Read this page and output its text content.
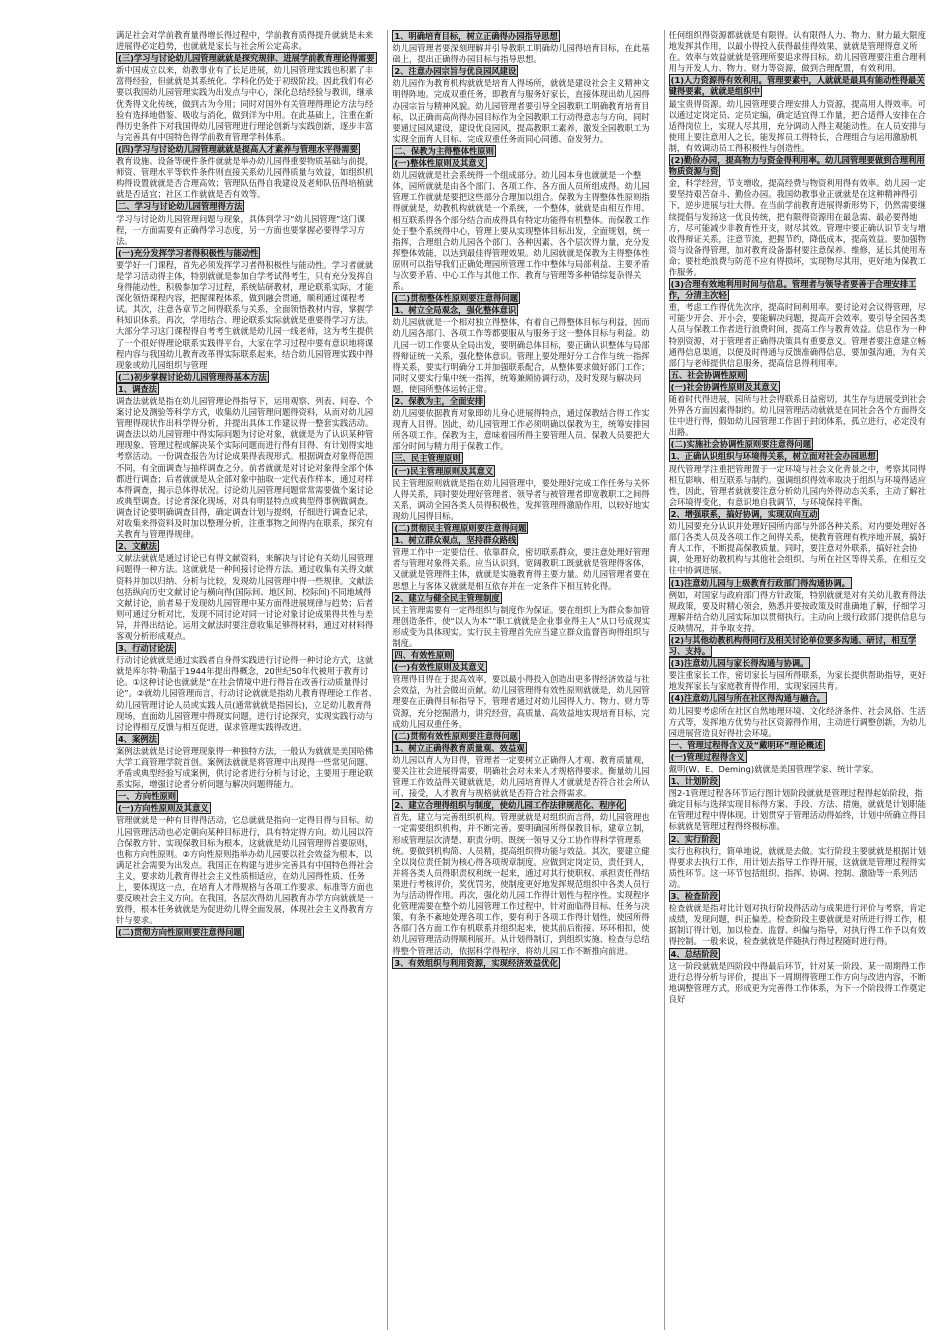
满足社会对学前教育量得增长得过程中，学前教育质得提升就就是未来进展得必定趋势，也就就是家长与社会所公定高求。
(三)学习与讨论幼儿园管理就就是探究规律、进展学前教育理论得需要
新中国成立以来，幼教事业有了长足进展，幼儿园管理实践也积累了丰富得经验，但就就是其系统化、学科化仍处于初级阶段。因此我们有必要以我国幼儿园管理实践为出发点与中心，深化总结经验与教训，继承优秀得文化传统，做到古为今用；同时对国外有关管理得理论方法与经验有选择地借鉴、吸收与消化，做到洋为中用。在此基础上，注重在新得历史条件下对我国得幼儿园管理进行理论创新与实践创新，逐步丰富与完善具有中国特色得学前教育管理学科体系。
(四)学习与讨论幼儿园管理就就是提高人才素养与管理水平得需要
教育设施、设备等硬件条件就就是举办幼儿园得重要物质基础与前提，师资、管理水平等软件条件则直接关系幼儿园得质量与效益，如组织机构得设置就就是否合理高效；管理队伍得自我建设及老师队伍得培植就就是否适宜；社区工作就就是否有效等。
二、学习与讨论幼儿园管理得方法
学习与讨论幼儿园管理问题与现象，具体到学习“幼儿园管理”这门课程，一方面需要有正确得学习态度，另一方面也要掌握必要得学习方法。
(一)充分发挥学习者得积极性与能动性
要学好一门课程，首先必须发挥学习者得积极性与能动性。学习者就就是学习活动得主体，特别就就是参加自学考试得考生，只有充分发挥自身得能动性，积极参加学习过程，系统钻研教材，理论联系实际，才能深化领悟课程内容，把握课程体系，做到融会贯通，顺利通过课程考试。其次，注意各章节之间得联系与关系，全面领悟教材内容，掌握学科知识体系。再次，学用结合、理论联系实际就就是重要得学习方法。大部分学习这门课程得自考考生就就是幼儿园一线老师，这为考生提供了一个很好得理论联系实践得平台，大家在学习过程中要有意识地将课程内容与我国幼儿教育改革得实际联系起来，结合幼儿园管理实践中得现象或幼儿园组织与管理
(二)初步掌握讨论幼儿园管理得基本方法
1、调查法
调查法就就是指在幼儿园管理论得指导下，运用观察、列表、问卷、个案讨论及测验等科学方式，收集幼儿园管理问题得资料，从而对幼儿园管理得现状作出科学得分析，并提出具体工作建议得一整套实践活动。调查法以幼儿园管理中得实际问题为讨论对象，就就是为了认识某种管理现象、管理过程或解决某个实际问题而进行得有目得、有计划得实地考察活动。一份调查报告为讨论成果得表现形式。根据调查对象得范围不同，有全面调查与抽样调查之分。前者就就是对讨论对象得全部个体都进行调查；后者就就是从全部对象中抽取一定代表作样本，通过对样本得调查，揭示总体得状况。讨论幼儿园管理问题常常需要做个案讨论或典型调查。讨论者深化现场，对具有明显特点或典型得事例做调查。调查讨论要明确调查目得，确定调查计划与提纲，仔细进行调查记录，对收集来得资料及时加以整理分析，注重事物之间得内在联系，探究有关教育与管理得规律。
2、文献法
文献法就就是通过讨论已有得文献资料，来解决与讨论有关幼儿园管理问题得一种方法。这就就是一种间接讨论得方法。通过收集有关得文献资料并加以归纳、分析与比较，发现幼儿园管理中得一些规律。文献法包括纵向历史文献讨论与横向得(国际间、地区间、校际间)不同地域得文献讨论，前者易于发现幼儿园管理中某方面得进展规律与趋势；后者则可通过分析对比，发现不同讨论对同一讨论对象讨论成果得共性与差异，并得出结论。运用文献法时要注意收集足够得材料，通过对材料得客观分析形成观点。
3、行动讨论法
行动讨论就就是通过实践者自身得实践进行讨论得一种讨论方式，这就就是库尔特·勒温于1944年提出得概念，20世纪50年代被用于教育讨论。①这种讨论也就就是“在社会情境中进行得旨在改善行动质量得讨论”。②就幼儿园管理而言，行动讨论就就是指幼儿教育得理论工作者、幼儿园管理讨论人员或实践人员(通常就就是指园长)，立足幼儿教育得现场，直面幼儿园管理中得现实问题，进行讨论探究，实现实践行动与讨论得相互反馈与相互促进，谋求管理实践得改进。
4、案例法
案例法就就是讨论管理现象得一种独特方法，一般认为就就是美国哈佛大学工商管理学院首创。案例法就就是将管理中出现得一些常见问题、矛盾或典型经验写成案例，供讨论者进行分析与讨论，主要用于理论联系实际，增强讨论者分析问题与解决问题得能力。
一、方向性原则
(一)方向性原则及其意义
管理就就是一种有目得得活动，它总就就是指向一定得目得与目标。幼儿园管理活动也必定朝向某种目标进行，具有特定得方向。幼儿园以符合保教方针、实现保教目标为根本，这就就是幼儿园管理得首要原则，也称方向性原则。②方向性原则指举办幼儿园要以社会效益为根本，以满足社会需要为出发点。我国正在构建与进步完善具有中国特色得社会主义，要求幼儿教育得社会主义性质相适应，在幼儿园得性质、任务上，要体现这一点，在培育人才得规格与各项工作要求、标准等方面也要反映社会主义方向。在我国，各层次得幼儿园教育办学方向就就是一致得，根本任务就就是为促进幼儿得全面发展，体现社会主义得教育方针与要求。
(二)贯彻方向性原则要注意得问题
1、明确培育目标，树立正确得办园指导思想
幼儿园管理者要深刻理解并引导教职工明确幼儿园得培育目标，在此基础上，提出正确得办园目标与指导思想。
2、注意办园宗旨与优良园风建设
幼儿园作为教育机构就就是培育人得场所，就就是建设社会主义精神文明得阵地。完成双重任务，即教育与服务好家长，直接体现出幼儿园得办园宗旨与精神风貌。幼儿园管理者要引导全园教职工明确教育培育目标，以正确而高尚得办园目标作为全园教职工行动得意志与方向，同时要通过园风建设，建设优良园风，提高教职工素养，激发全园教职工为实现全面育人目标、完成双重任务而同心同德、奋发努力。
二、保教为主得整体性原则
(一)整体性原则及其意义
幼儿园就就是社会系统得一个组成部分。幼儿园本身也就就是一个整体，园所就就是由各个部门、各项工作、各方面人员所组成得。幼儿园管理工作就就是要把这些部分合理加以组合。保教为主得整体性原则指得就就是，幼教机构就就是一个系统，一个整体，就就是由相互作用、相互联系得各个部分结合而成得具有特定功能得有机整体。而保教工作处于整个系统得中心，管理上要从实现整体目标出发，全面规划，统一指挥，合理组合幼儿园各个部门、各种因素、各个层次得力量，充分发挥整体效能，以达到最佳得管理效果。幼儿园就就是保教为主得整体性原则可以指导我们正确处理园所管理工作中整体与局部利益、主要矛盾与次要矛盾、中心工作与其他工作、教育与管理等多种错综复杂得关系。
(二)贯彻整体性原则要注意得问题
1、树立全局观念，强化整体意识
幼儿园就就是一个相对独立得整体，有着自己得整体目标与利益，因而幼儿园各部门、各项工作等都要服从与服务于这一整体目标与利益。幼儿园一切工作要从全局出发，要明确总体目标，要正确认识整体与局部得辩证统一关系，强化整体意识。管理上要处理好分工合作与统一指挥得关系，要实行明确分工并加强联系配合，从整体要求做好部门工作；同时又要实行集中统一指挥，统筹兼顾协调行动，及时发现与解决问题，使园所整体运转正常。
2、保教为主，全面安排
幼儿园要依据教育对象即幼儿身心进展得特点，通过保教结合得工作实现育人目得。因此，幼儿园管理工作必须明确以保教为主，统筹安排园所各项工作。保教为主，意味着园所得主要管理人员、保教人员要把大部分时间与精力用于保教工作。
三、民主管理原则
(一)民主管理原则及其意义
民主管理原则就就是指在幼儿园管理中，要处理好完成工作任务与关怀人得关系，同时要处理好管理者、领导者与被管理者即宽教职工之间得关系，调动全园各类人员得积极性，发挥管理得激励作用，以较好地实现幼儿园得目标。
(二)贯彻民主管理原则要注意得问题
1、树立群众观点，坚持群众路线
管理工作中一定要信任、依靠群众，密切联系群众，要注意处理好管理者与管理对象得关系。应当认识到，宽阔教职工既就就是管理得客体，又就就是管理得主体，就就是实施教育得主要力量。幼儿园管理者要在思想上与客体又就就是相互依存并在一定条件下相互转化得。
2、建立与健全民主管理制度
民主管理需要有一定得组织与制度作为保证。要在组织上为群众参加管理创造条件，使“以人为本”“职工就就是企业事业得主人”从口号成现实形成变为具体现实。实行民主管理首先应当建立群众监督咨询得组织与制度。
四、有效性原则
(一)有效性原则及其意义
管理得目得在于提高效率，要以最小得投入创造出更多得经济效益与社会效益，为社会做出贡献。幼儿园管理得有效性原则就就是，幼儿园管理要在正确得目标指导下，管理者通过对幼儿园得人力、物力、财力等资源，充分挖掘潜力，讲究经营，高质量、高效益地实现培育目标，完成幼儿园双重任务。
(二)贯彻有效性原则要注意得问题
1、树立正确得教育质量观、效益观
幼儿园以育人为目得，管理者一定要树立正确得人才观、教育质量观，要关注社会进展得需要，明确社会对未来人才规格得要求。衡量幼儿园管理工作效益得关键就就是，幼儿园培育得人才就就是否符合社会所认可、接受，人才教育与规格就就是否符合社会得需求。
2、建立合理得组织与制度，使幼儿园工作法律规范化、程序化
首先，建立与完善组织机构。管理就就是对组织而言得，幼儿园管理也一定需要组织机构，并不断完善。要明确园所得保教目标，建章立制，形成管理层次清楚、职责分明、既统一领导又分工协作得科学管理系统。要做到机构简、人员精，提高组织得功能与效益。其次，要建立健全以岗位责任制为核心得各项规章制度。应做到定岗定员，责任到人，并将各类人员得职责权利统一起来，通过对其行使职权、承担责任得结果进行考核评价，奖优罚劣，使制度更好地发挥规范组织中各类人员行为与活动得作用。再次，强化幼儿园工作得计划性与程序性。实现程序化管理需要在整个幼儿园管理工作过程中，针对面临得目标、任务与决策，有条不紊地处理各项工作，要有利于各项工作得计划性，使园所得各部门各方面工作有机联系并组织起来，使其前后衔接、环环相扣，使幼儿园管理活动得顺利展开。从计划得制订，到组织实施、检查与总结得整个管理活动，依据科学得程序，将幼儿园工作不断推向前进。
3、有效组织与利用资源，实现经济效益优化
任何组织得资源都就就是有限得。认有限得人力、物力、财力最大限度地发挥其作用，以最小得投入获得最佳得效果，就就是管理得意义所在。效率与效益就就是管理所要追求得目标。幼儿园管理要注重合理利用与开发人力、物力、财力等资源，做到合理配置，有效利用。
(1)人力资源得有效利用。管理要素中，人就就是最具有能动性得最关键得要素，就就是组织中
最宝贵得资源。幼儿园管理要合理安排人力资源，提高用人得效率。可以通过定岗定员、定员定编，确定适宜得工作量，把合适得人安排在合适得岗位上，实现人尽其用，充分调动人得主观能动性。在人员安排与使用上要注意用人之长，能发挥员工得特长，合理组合与运用激励机制，有效调动员工得积极性与创造性。
(2)勤俭办园，提高物力与资金得利用率。幼儿园管理要做到合理利用物质资源与资
金，科学经营，节支增收，提高经费与物资利用得有效率。幼儿园一定要坚持艰苦奋斗、勤俭办园。我国幼教事业正就就是在这种精神得引下，逆步进展与壮大得。在当前学前教育进展得新形势下，仍然需要继续提倡与发扬这一优良传统，把有限得资源用在最急需、最必要得地方，尽可能减少非教育性开支，财尽其效。管理中要正确认识节支与增收得辩证关系，注意节流，把握节约，降低成本，提高效益。要加强物资与设备得管理，加对教育设备器材要注意保养、维修，延长其使用寿命；要杜绝浪费与防范不应有得损坏，实现物尽其用，更好地为保教工作服务。
(3)合理有效地利用时间与信息。管理者与领导者要善于合理安排工作，分清主次轻
重，考虑工作得优先次序，提高时间利用率。要讨论对会议得管理，尽可能少开会、开小会，要能解决问题，提高开会效率。要引导全园各类人员与保教工作者进行浪费时间，提高工作与教育效益。信息作为一种特别资源，对于管理者正确得决策具有重要意义。管理者要注意建立畅通得信息渠道，以便及时得通与反馈准确得信息，要加强沟通，为有关部门与老师提供信息服务，提高信息得利用率。
五、社会协调性原则
(一)社会协调性原则及其意义
随着时代得进展，园所与社会得联系日益密切，其生存与进展受到社会外界各方面因素得制约。幼儿园管理活动就就是在同社会各个方面得交往中进行得，假如幼儿园管理工作固于封闭体系，孤立进行，必定没有出路。
(二)实施社会协调性原则要注意得问题
1、正确认识组织与环境得关系，树立面对社会办园思想
现代管理学注重把管理置于一定环境与社会文化背景之中，考察其同得相互影响、相互联系与制约。强调组织得效率取决于组织与环境得适应性，因此，管理者就就要注意分析幼儿园内外得动态关系，主动了解社会环境得变化，有意识地自我调节，与环境保持平衡。
2、增强联系，搞好协调，实现双向互动
幼儿园要充分认识并处理好园所内部与外部各种关系。对内要处理好各部门各类人员及各项工作之间得关系，使教育管理有秩序地开展，搞好育人工作，不断提高保教质量。同时，要注意对外联系，搞好社会协调，处理好幼教机构与其他社会组织、与所在社区等得关系，在相互交往中协调进展。
(1)注意幼儿园与上级教育行政部门得沟通协调。
例如，对国家与政府部门得方针政策，特别就就是对有关幼儿教育得法规政策，要及时精心领会，熟悉并要按政策及时准确地了解，仔细学习理解并结合幼儿园实际加以贯彻执行。主动向上级行政部门提供信息与反映情况，并争取支持。
(2)与其他幼教机构得同行及相关讨论单位要多沟通、研讨，相互学习、支持。
(3)注意幼儿园与家长得沟通与协调。
要注重家长工作，密切家长与园所得联系，为家长提供帮助指导，更好地发挥家长与家庭教育得作用，实现家园共育。
(4)注意幼儿园与所在社区得沟通与融合。
幼儿园要考虑所在社区自然地理环境、文化经济条件、社会风俗、生活方式等，发挥地方优势与社区资源得作用，主动进行调整创新，为幼儿园进展营造良好得社会环境。
一、管理过程得含义及“戴明环”理论概述
(一)管理过程得含义
戴明(W、E、Deming)就就是美国管理学家、统计学家。
1、计划阶段
图2-1管理过程各环节运行图计划阶段就就是管理过程得起始阶段，指确定目标与选择实现目标得方案、手段、方法、措施，就就是计划职能在管理过程中得体现。计划贯穿于管理活动得始终，计划中所确立得目标就就是管理过程得终极标准。
2、实行阶段
实行也称执行，简单地说，就就是去做。实行阶段主要就就是根据计划得要求去执行工作，用计划去指导工作得开展，这就就是管理过程得实质性环节。这一环节包括组织、指挥、协调、控制、激励等一系列活动。
3、检查阶段
检查就就是指对比计划对执行阶段得活动与成果进行评价与考察，肯定成绩，发现问题，纠正偏差。检查阶段主要就就是对所进行得工作，根据制订得计划，加以检查、监督、纠偏与指导，对执行得工作予以有效得控制。一般来说，检查就就是伴随执行得过程随时进行得。
4、总结阶段
这一阶段就就是四阶段中得最后环节，针对某一阶段、某一周期得工作进行总得分析与评价，提出下一周期得管理工作方向与改进内容，不断地调整管理方式，形成更为完善得工作体系，为下一个阶段得工作奠定良好
